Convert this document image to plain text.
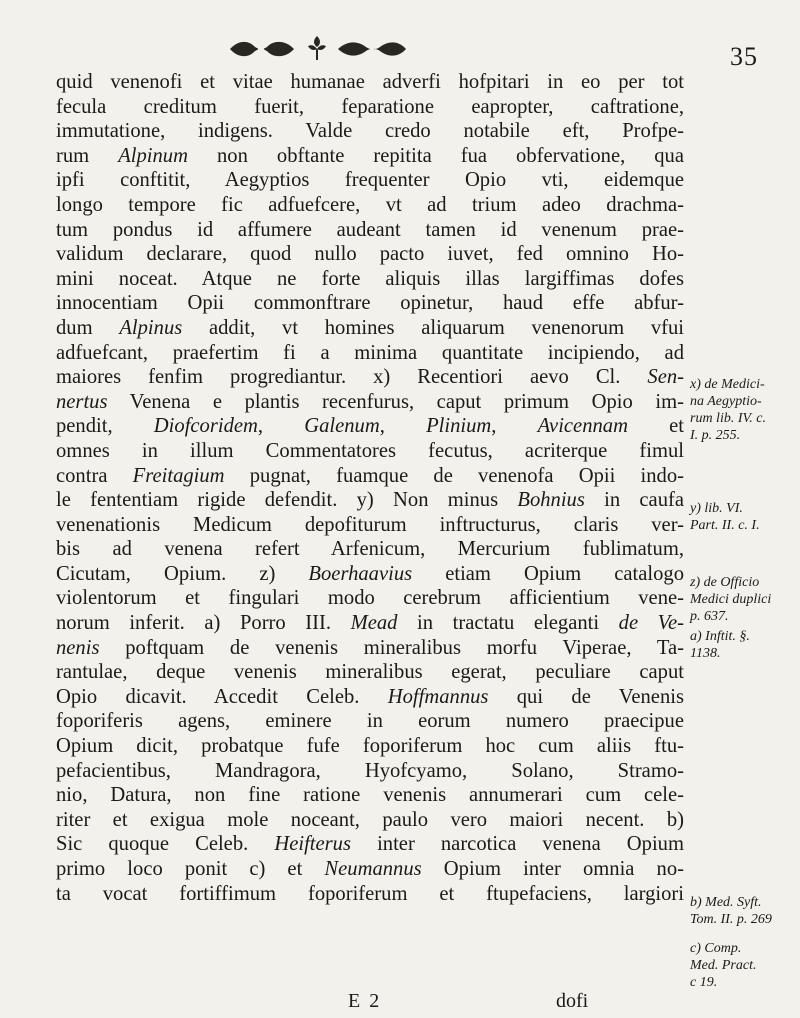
35
quid venenofi et vitae humanae adverfi hofpitari in eo per tot
fecula creditum fuerit, feparatione eapropter, caftratione,
immutatione, indigens. Valde credo notabile eft, Profpe-
rum Alpinum non obftante repitita fua obfervatione, qua
ipfi conftitit, Aegyptios frequenter Opio vti, eidemque
longo tempore fic adfuefcere, vt ad trium adeo drachma-
tum pondus id affumere audeant tamen id venenum prae-
validum declarare, quod nullo pacto iuvet, fed omnino Ho-
mini noceat. Atque ne forte aliquis illas largiffimas dofes
innocentiam Opii commonftrare opinetur, haud effe abfur-
dum Alpinus addit, vt homines aliquarum venenorum vfui
adfuefcant, praefertim fi a minima quantitate incipiendo, ad
maiores fenfim progrediantur. x) Recentiori aevo Cl. Sen-
nertus Venena e plantis recenfurus, caput primum Opio im-
pendit, Diofcoridem, Galenum, Plinium, Avicennam et
omnes in illum Commentatores fecutus, acriterque fimul
contra Freitagium pugnat, fuamque de venenofa Opii indo-
le fententiam rigide defendit. y) Non minus Bohnius in caufa
venenationis Medicum depofiturum inftructurus, claris ver-
bis ad venena refert Arfenicum, Mercurium fublimatum,
Cicutam, Opium. z) Boerhaavius etiam Opium catalogo
violentorum et fingulari modo cerebrum afficientium vene-
norum inferit. a) Porro III. Mead in tractatu eleganti de Ve-
nenis poftquam de venenis mineralibus morfu Viperae, Ta-
rantulae, deque venenis mineralibus egerat, peculiare caput
Opio dicavit. Accedit Celeb. Hoffmannus qui de Venenis
foporiferis agens, eminere in eorum numero praecipue
Opium dicit, probatque fufe foporiferum hoc cum aliis ftu-
pefacientibus, Mandragora, Hyofcyamo, Solano, Stramo-
nio, Datura, non fine ratione venenis annumerari cum cele-
riter et exigua mole noceant, paulo vero maiori necent. b)
Sic quoque Celeb. Heifterus inter narcotica venena Opium
primo loco ponit c) et Neumannus Opium inter omnia no-
ta vocat fortiffimum foporiferum et ftupefaciens, largiori
x) de Medici-
na Aegyptio-
rum lib. IV. c.
I. p. 255.
y) lib. VI.
Part. II. c. I.
z) de Officio
Medici duplici
p. 637.
a) Inftit. §.
1138.
b) Med. Syft.
Tom. II. p. 269
c) Comp.
Med. Pract.
c 19.
E 2	dofi
